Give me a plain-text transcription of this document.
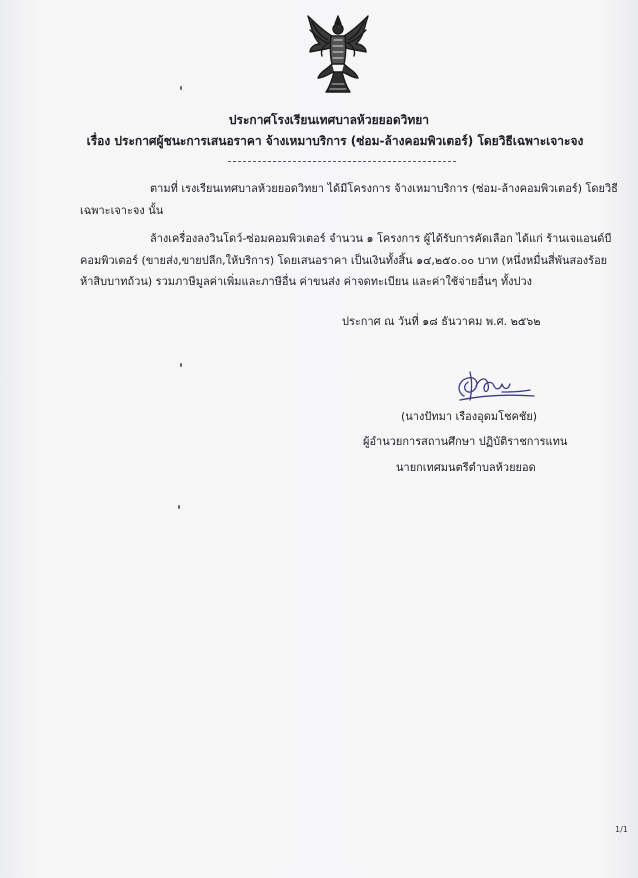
ประกาศโรงเรียนเทศบาลห้วยยอดวิทยา
เรื่อง ประกาศผู้ชนะการเสนอราคา จ้างเหมาบริการ (ซ่อม-ล้างคอมพิวเตอร์) โดยวิธีเฉพาะเจาะจง
ตามที่ เรงเรียนเทศบาลห้วยยอดวิทยา ได้มีโครงการ จ้างเหมาบริการ (ซ่อม-ล้างคอมพิวเตอร์) โดยวิธี
เฉพาะเจาะจง นั้น
ล้างเครื่องลงวินโดว์-ซ่อมคอมพิวเตอร์ จำนวน ๑ โครงการ ผู้ได้รับการคัดเลือก ได้แก่ ร้านเจแอนด์บี
คอมพิวเตอร์ (ขายส่ง,ขายปลีก,ให้บริการ) โดยเสนอราคา เป็นเงินทั้งสิ้น ๑๔,๒๕๐.๐๐ บาท (หนึ่งหมื่นสี่พันสองร้อย
ห้าสิบบาทถ้วน) รวมภาษีมูลค่าเพิ่มและภาษีอื่น ค่าขนส่ง ค่าจดทะเบียน และค่าใช้จ่ายอื่นๆ ทั้งปวง
ประกาศ ณ วันที่ ๑๘ ธันวาคม พ.ศ. ๒๕๖๒
(นางปัทมา เรืองอุดมโชคชัย)
ผู้อำนวยการสถานศึกษา ปฏิบัติราชการแทน
นายกเทศมนตรีตำบลห้วยยอด
1/1
